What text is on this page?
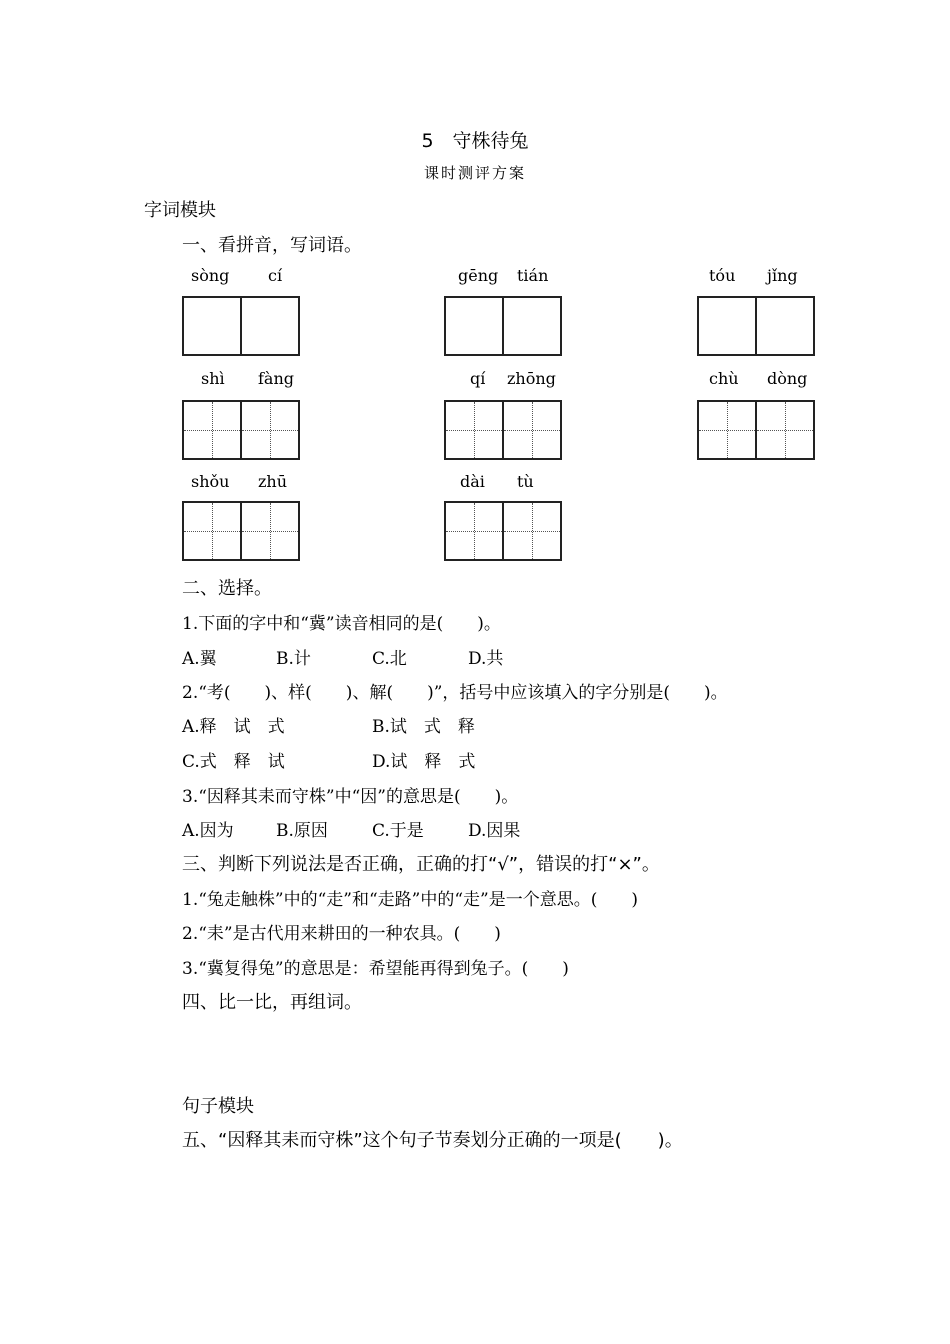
5　守株待兔
课时测评方案
字词模块
一、看拼音，写词语。
sòng cí	gēng tián	tóu jǐng
shì fàng	qí zhōng	chù dòng
shǒu zhū	dài tù
二、选择。
1.下面的字中和“冀”读音相同的是(　　)。
A.翼	B.计	C.北	D.共
2.“考(　　)、样(　　)、解(　　)”，括号中应该填入的字分别是(　　)。
A.释　试　式	B.试　式　释
C.式　释　试	D.试　释　式
3.“因释其耒而守株”中“因”的意思是(　　)。
A.因为 B.原因	C.于是	D.因果
三、判断下列说法是否正确，正确的打“√”，错误的打“×”。
1.“兔走触株”中的“走”和“走路”中的“走”是一个意思。(　　)
2.“耒”是古代用来耕田的一种农具。(　　)
3.“冀复得兔”的意思是：希望能再得到兔子。(　　)
四、比一比，再组词。
句子模块
五、“因释其耒而守株”这个句子节奏划分正确的一项是(　　)。
